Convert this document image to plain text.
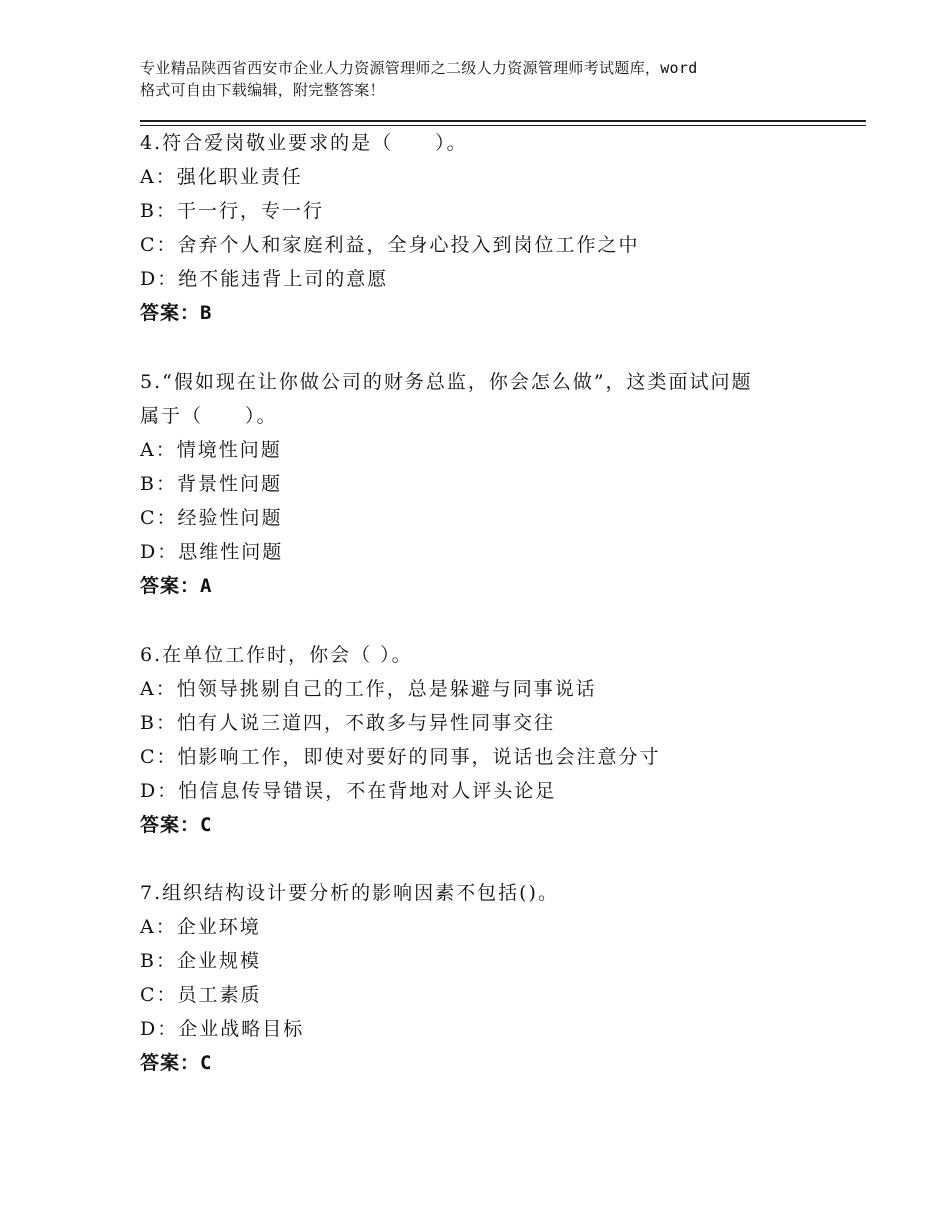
专业精品陕西省西安市企业人力资源管理师之二级人力资源管理师考试题库，word
格式可自由下载编辑，附完整答案！
4.符合爱岗敬业要求的是（　　）。
A：强化职业责任
B：干一行，专一行
C：舍弃个人和家庭利益，全身心投入到岗位工作之中
D：绝不能违背上司的意愿
答案：B
5.“假如现在让你做公司的财务总监，你会怎么做”，这类面试问题
属于（　　）。
A：情境性问题
B：背景性问题
C：经验性问题
D：思维性问题
答案：A
6.在单位工作时，你会（ ）。
A：怕领导挑剔自己的工作，总是躲避与同事说话
B：怕有人说三道四，不敢多与异性同事交往
C：怕影响工作，即使对要好的同事，说话也会注意分寸
D：怕信息传导错误，不在背地对人评头论足
答案：C
7.组织结构设计要分析的影响因素不包括()。
A：企业环境
B：企业规模
C：员工素质
D：企业战略目标
答案：C
